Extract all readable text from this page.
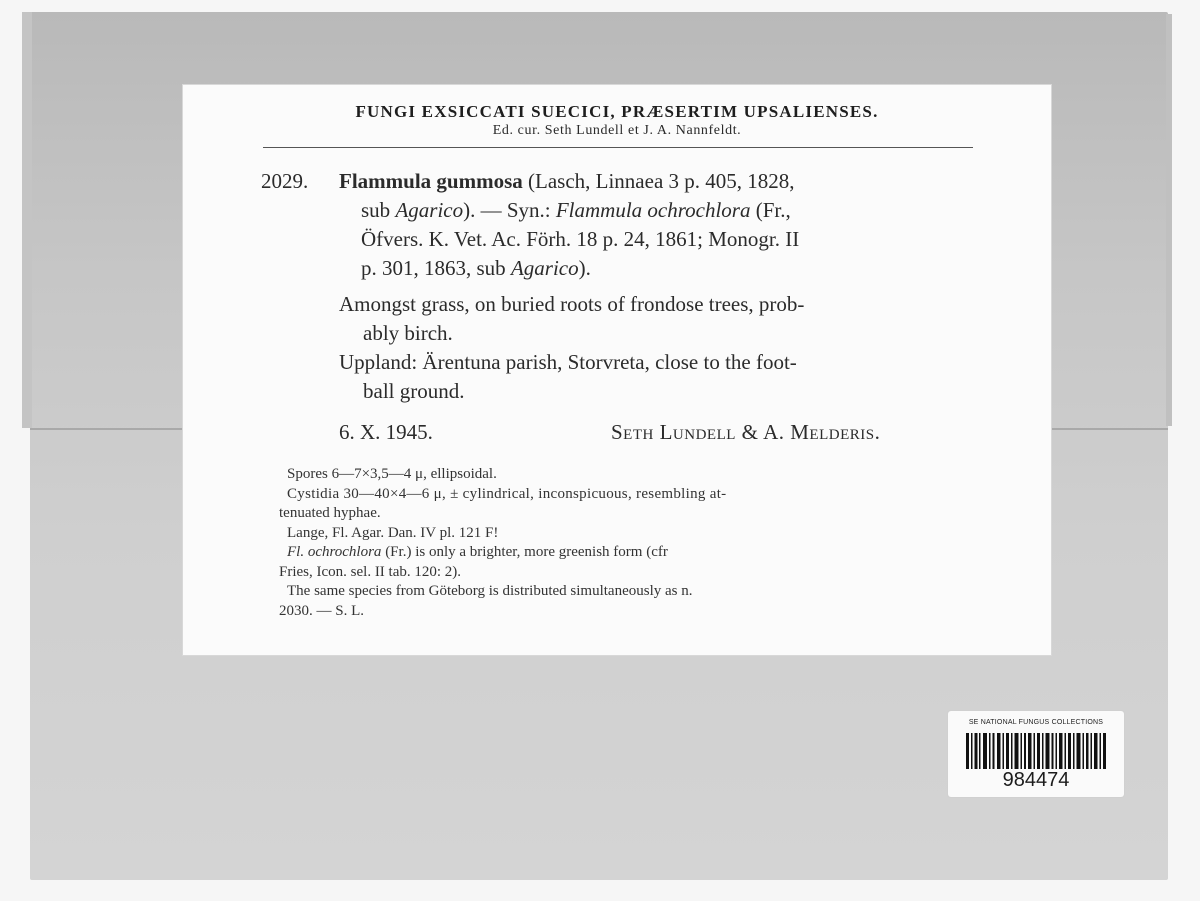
FUNGI EXSICCATI SUECICI, PRÆSERTIM UPSALIENSES.
Ed. cur. Seth Lundell et J. A. Nannfeldt.
2029. Flammula gummosa (Lasch, Linnaea 3 p. 405, 1828,
sub Agarico). — Syn.: Flammula ochrochlora (Fr.,
Öfvers. K. Vet. Ac. Förh. 18 p. 24, 1861; Monogr. II
p. 301, 1863, sub Agarico).
Amongst grass, on buried roots of frondose trees, prob-
ably birch.
Uppland: Ärentuna parish, Storvreta, close to the foot-
ball ground.
6. X. 1945.	Seth Lundell & A. Melderis.
Spores 6—7×3,5—4 μ, ellipsoidal.
Cystidia 30—40×4—6 μ, ± cylindrical, inconspicuous, resembling at-
tenuated hyphae.
Lange, Fl. Agar. Dan. IV pl. 121 F!
Fl. ochrochlora (Fr.) is only a brighter, more greenish form (cfr
Fries, Icon. sel. II tab. 120: 2).
The same species from Göteborg is distributed simultaneously as n.
2030. — S. L.
SE NATIONAL FUNGUS COLLECTIONS
984474
